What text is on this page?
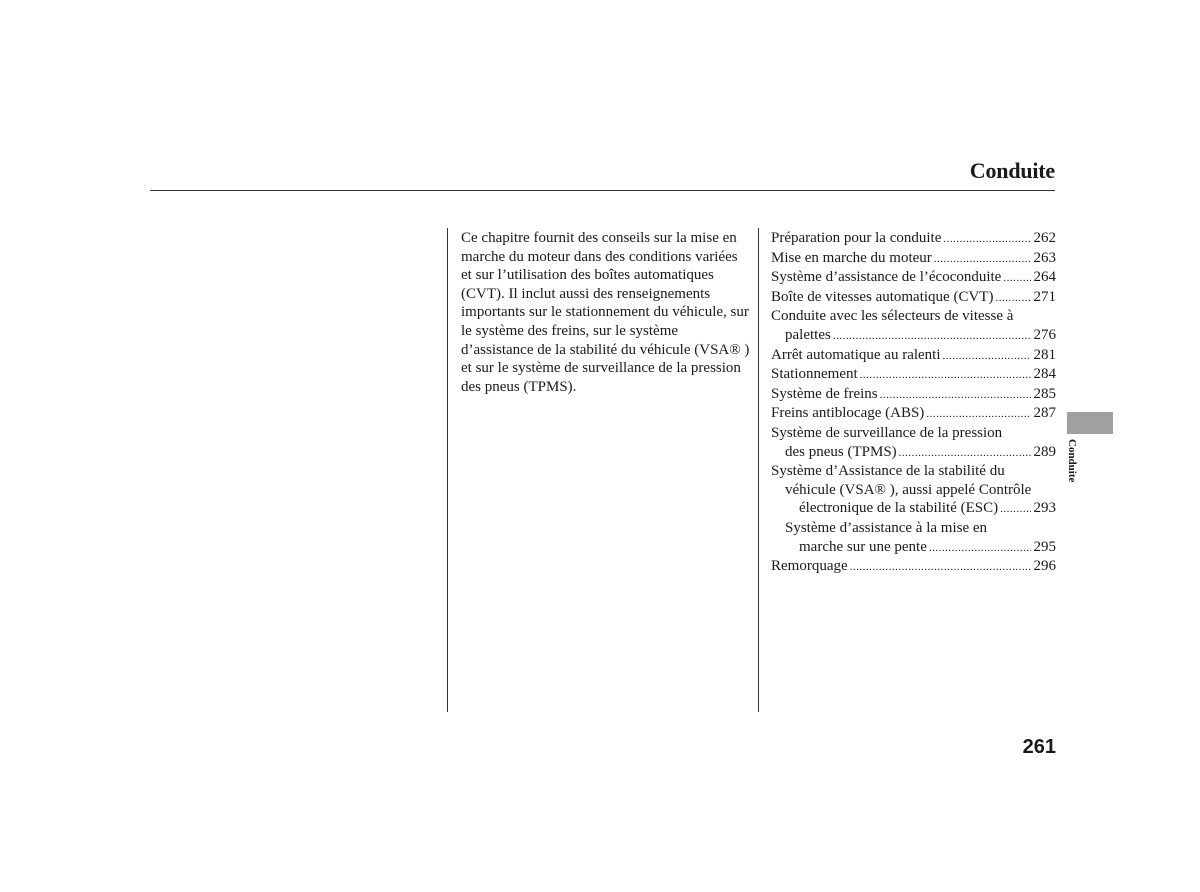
Conduite
Ce chapitre fournit des conseils sur la mise en marche du moteur dans des conditions variées et sur l’utilisation des boîtes automatiques (CVT). Il inclut aussi des renseignements importants sur le stationnement du véhicule, sur le système des freins, sur le système d’assistance de la stabilité du véhicule (VSA® ) et sur le système de surveillance de la pression des pneus (TPMS).
Préparation pour la conduite .....	262
Mise en marche du moteur .....	263
Système d’assistance de l’écoconduite ..... 264
Boîte de vitesses automatique (CVT) .....	271
Conduite avec les sélecteurs de vitesse à
palettes .....	276
Arrêt automatique au ralenti .....	281
Stationnement .....	284
Système de freins .....	285
Freins antiblocage (ABS) .....	287
Système de surveillance de la pression
des pneus (TPMS) .....	289
Système d’Assistance de la stabilité du
véhicule (VSA® ), aussi appelé Contrôle
électronique de la stabilité (ESC) ..... 293
Système d’assistance à la mise en
marche sur une pente .....	295
Remorquage .....	296
Conduite
261
